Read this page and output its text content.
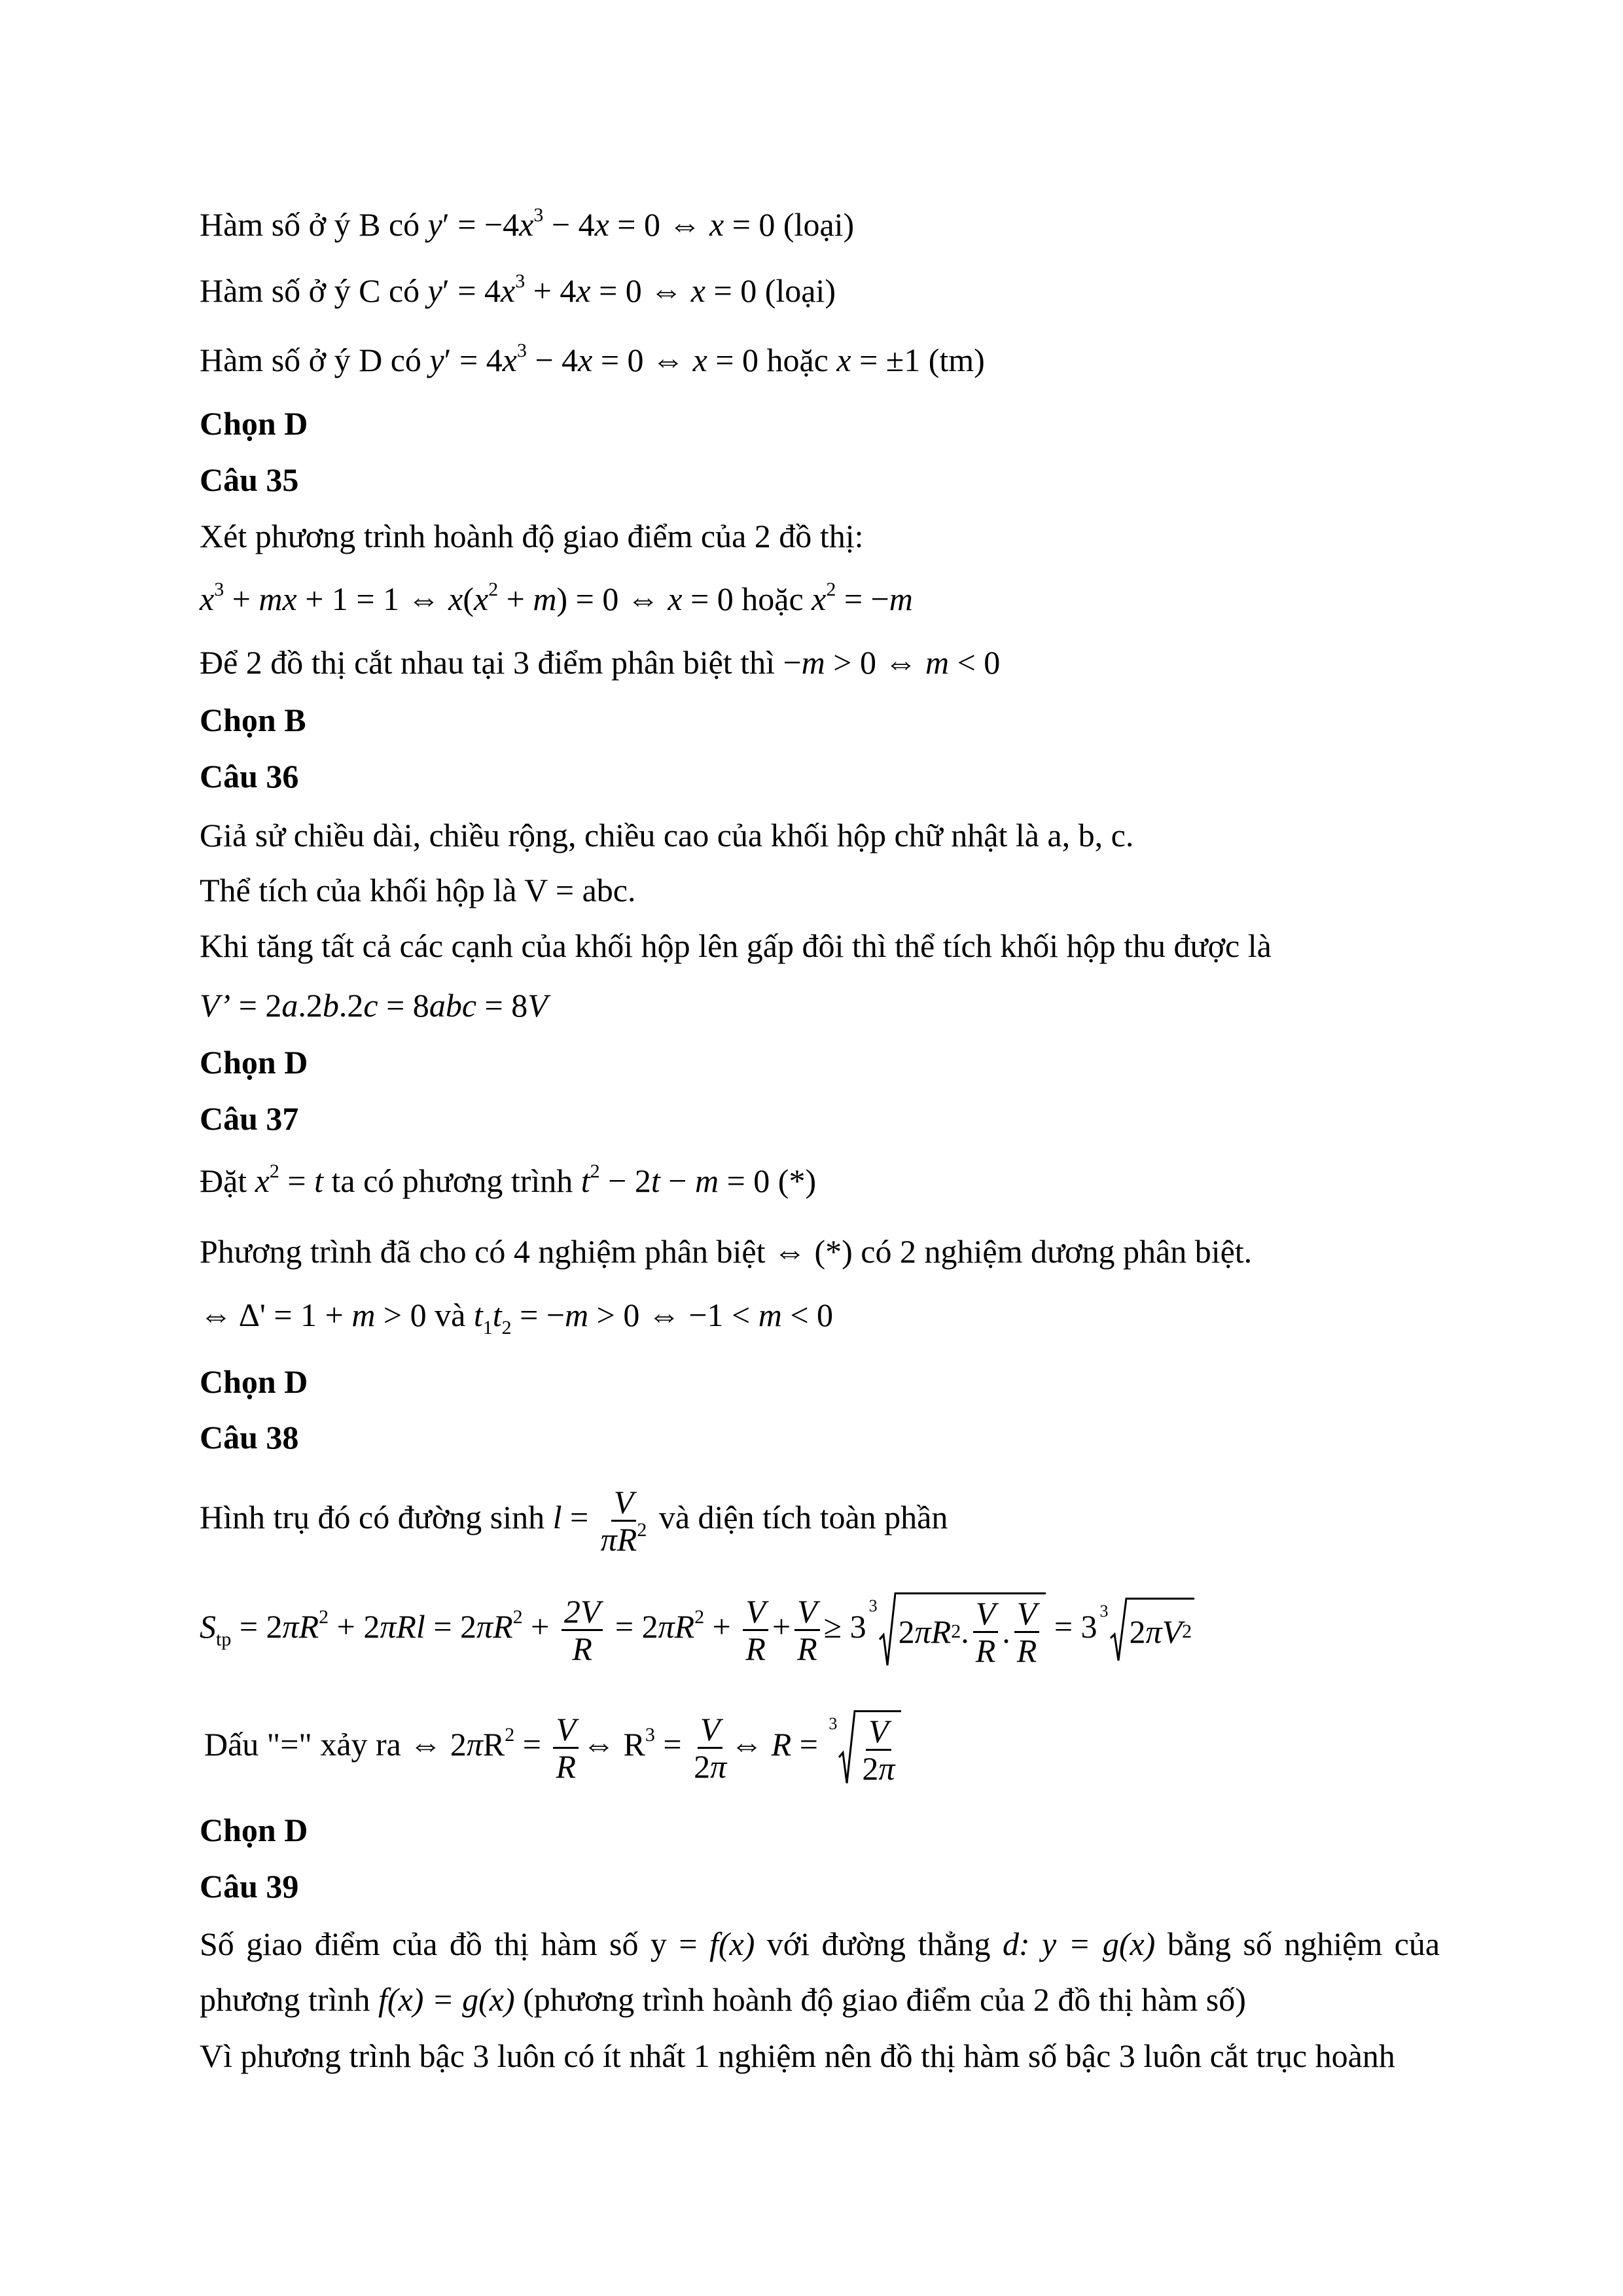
Hàm số ở ý B có $y' = -4x^3 - 4x = 0$ ⇔ x = 0 (loại)
Hàm số ở ý C có $y' = 4x^3 + 4x = 0$ ⇔ x = 0 (loại)
Hàm số ở ý D có $y' = 4x^3 - 4x = 0$ ⇔ x = 0 hoặc x = ±1 (tm)
Chọn D
Câu 35
Xét phương trình hoành độ giao điểm của 2 đồ thị:
$x^3$ + mx + 1 = 1 ⇔ $x(x^2 + m) = 0$ ⇔ x = 0 hoặc $x^2 = -m$
Để 2 đồ thị cắt nhau tại 3 điểm phân biệt thì −m > 0 ⇔ m < 0
Chọn B
Câu 36
Giả sử chiều dài, chiều rộng, chiều cao của khối hộp chữ nhật là a, b, c.
Thể tích của khối hộp là V = abc.
Khi tăng tất cả các cạnh của khối hộp lên gấp đôi thì thể tích khối hộp thu được là
V’ = 2a.2b.2c = 8abc = 8V
Chọn D
Câu 37
Đặt $x^2 = t$ ta có phương trình $t^2 - 2t - m = 0$ (*)
Phương trình đã cho có 4 nghiệm phân biệt ⇔ (*) có 2 nghiệm dương phân biệt.
⇔ Δ' = 1 + m > 0 và $t_1t_2 = -m > 0$ ⇔ −1 < m < 0
Chọn D
Câu 38
Hình trụ đó có đường $\sinh l = \frac{V}{\pi R^2}$ và diện tích toàn phần
$S_{tp} = 2\pi R^2 + 2\pi Rl = 2\pi R^2 + \frac{2V}{R} = 2\pi R^2 + \frac{V}{R} + \frac{V}{R} \ge 3$
3
2 πR 2 . $\frac{V}{R}$ . $\frac{V}{R} = 3$ 3
2 πV 2
Dấu "=" xảy ra ⇔ $2\pi R^2 = \frac{V}{R}$ ⇔ $R^3 = \frac{V}{2\pi}$ ⇔ R =
$3 \frac{V}{2\pi}$
Chọn D
Câu 39
Số giao điểm của đồ thị hàm số y = f(x) với đường thẳng d: y = g(x) bằng số nghiệm của
phương trình f(x) = g(x) (phương trình hoành độ giao điểm của 2 đồ thị hàm số)
Vì phương trình bậc 3 luôn có ít nhất 1 nghiệm nên đồ thị hàm số bậc 3 luôn cắt trục hoành
